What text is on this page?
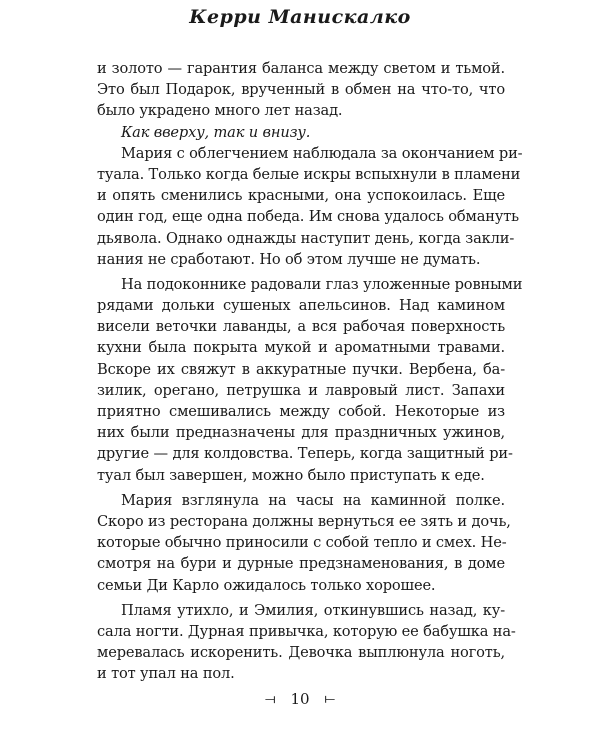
Керри Манискалко
и золото — гарантия баланса между светом и тьмой.
Это был Подарок, врученный в обмен на что-то, что
было украдено много лет назад.
Как вверху, так и внизу.
Мария с облегчением наблюдала за окончанием ри-
туала. Только когда белые искры вспыхнули в пламени
и опять сменились красными, она успокоилась. Еще
один год, еще одна победа. Им снова удалось обмануть
дьявола. Однако однажды наступит день, когда закли-
нания не сработают. Но об этом лучше не думать.
На подоконнике радовали глаз уложенные ровными
рядами дольки сушеных апельсинов. Над камином
висели веточки лаванды, а вся рабочая поверхность
кухни была покрыта мукой и ароматными травами.
Вскоре их свяжут в аккуратные пучки. Вербена, ба-
зилик, орегано, петрушка и лавровый лист. Запахи
приятно смешивались между собой. Некоторые из
них были предназначены для праздничных ужинов,
другие — для колдовства. Теперь, когда защитный ри-
туал был завершен, можно было приступать к еде.
Мария взглянула на часы на каминной полке.
Скоро из ресторана должны вернуться ее зять и дочь,
которые обычно приносили с собой тепло и смех. Не-
смотря на бури и дурные предзнаменования, в доме
семьи Ди Карло ожидалось только хорошее.
Пламя утихло, и Эмилия, откинувшись назад, ку-
сала ногти. Дурная привычка, которую ее бабушка на-
меревалась искоренить. Девочка выплюнула ноготь,
и тот упал на пол.
⟞ 10 ⟝
